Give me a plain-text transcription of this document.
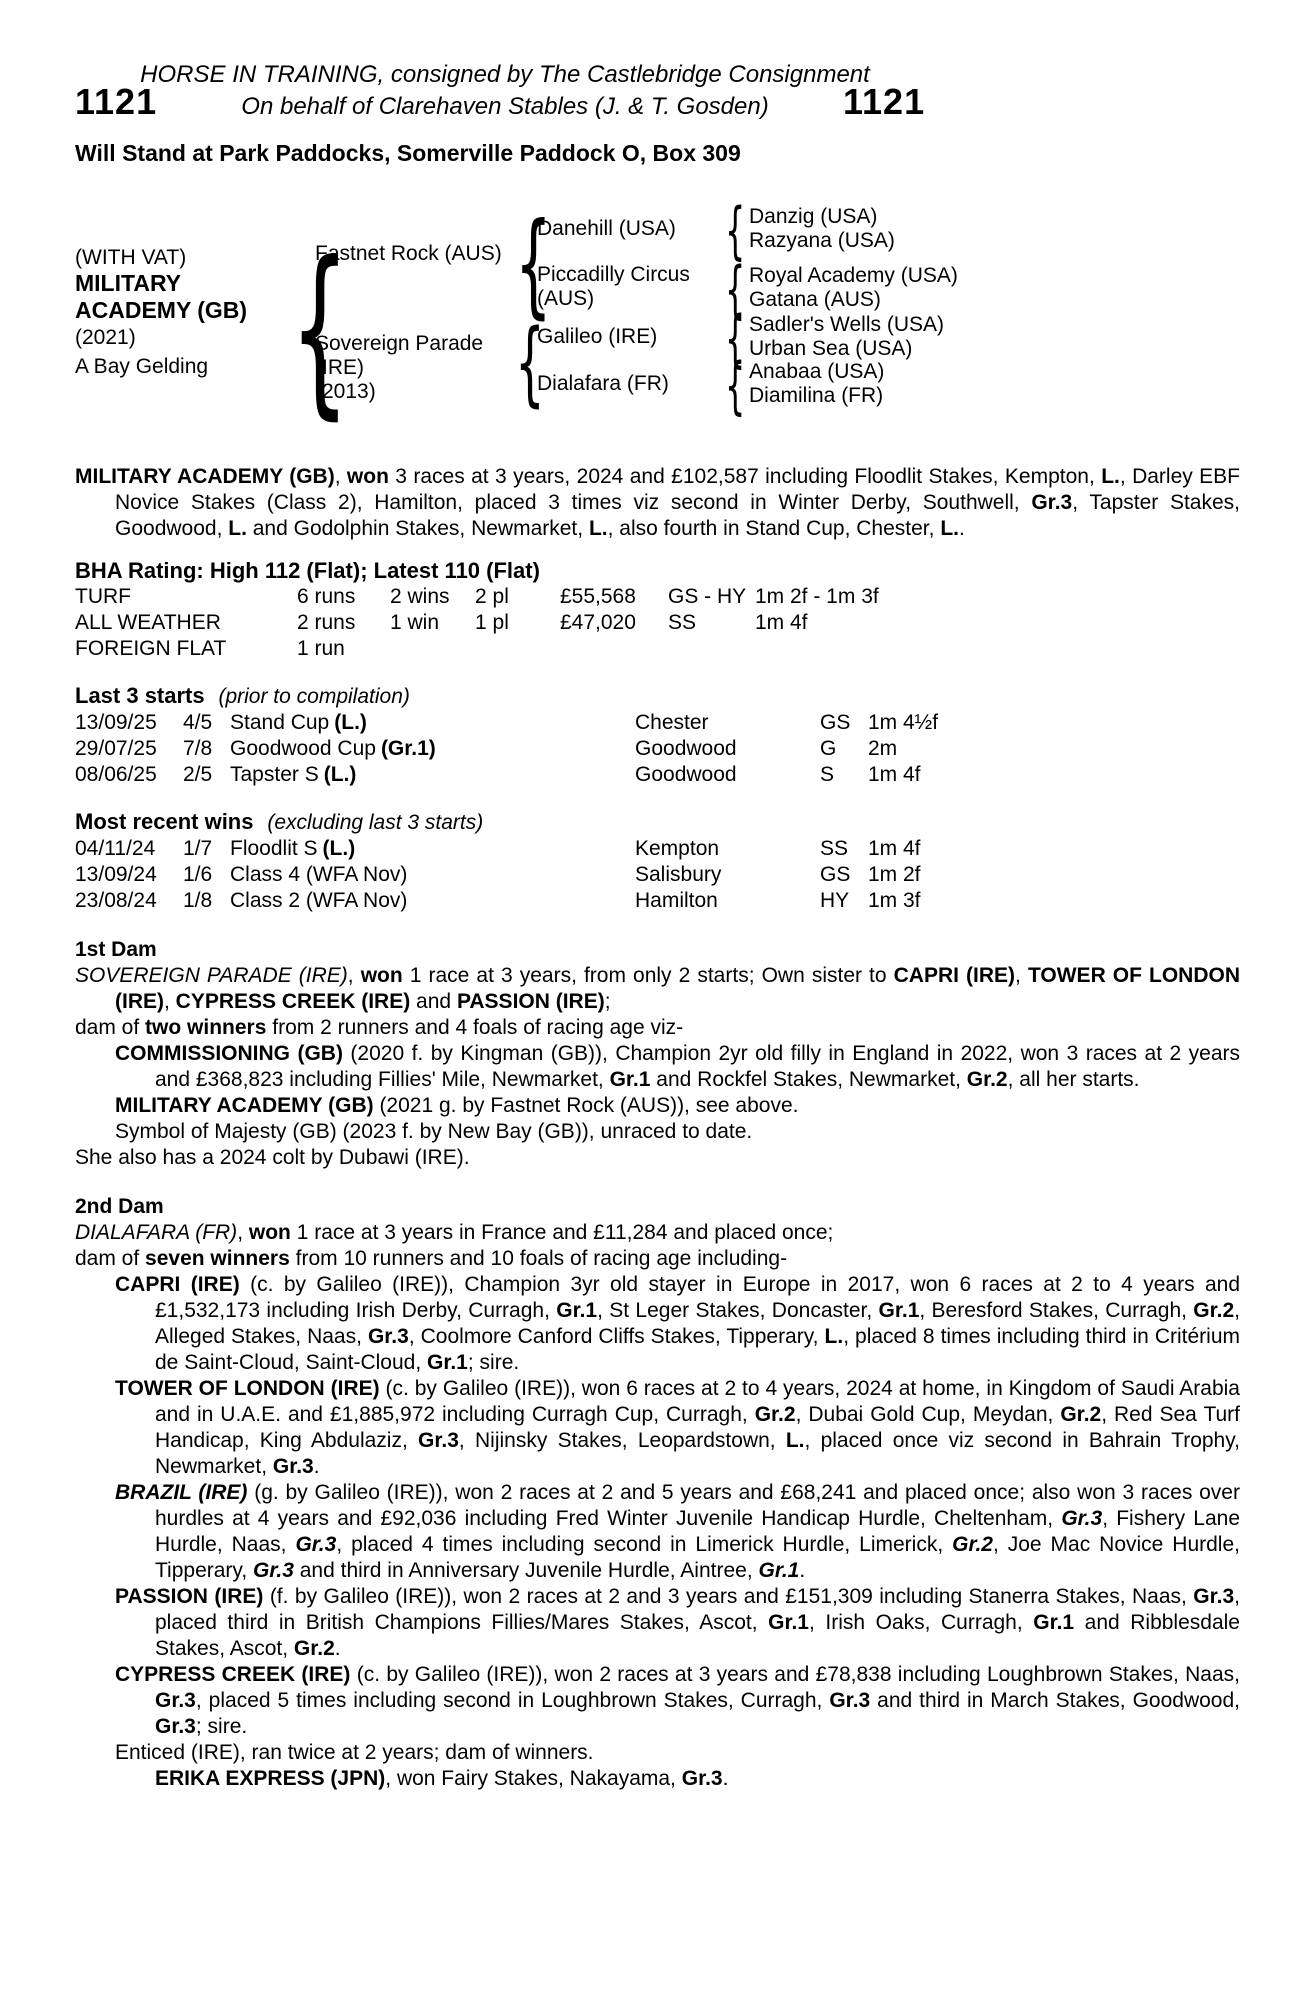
HORSE IN TRAINING, consigned by The Castlebridge Consignment
On behalf of Clarehaven Stables (J. & T. Gosden)
1121	1121
Will Stand at Park Paddocks, Somerville Paddock O, Box 309
(WITH VAT)
MILITARY
ACADEMY (GB)
(2021)
A Bay Gelding
{
Fastnet Rock (AUS)
Sovereign Parade
(IRE)
(2013)
{
{
Danehill (USA)
Piccadilly Circus
(AUS)
Galileo (IRE)
Dialafara (FR)
{
{
{
{
Danzig (USA)
Razyana (USA)
Royal Academy (USA)
Gatana (AUS)
Sadler's Wells (USA)
Urban Sea (USA)
Anabaa (USA)
Diamilina (FR)

MILITARY ACADEMY (GB), won 3 races at 3 years, 2024 and £102,587 including Floodlit Stakes, Kempton, L., Darley EBF Novice Stakes (Class 2), Hamilton, placed 3 times viz second in Winter Derby, Southwell, Gr.3, Tapster Stakes, Goodwood, L. and Godolphin Stakes, Newmarket, L., also fourth in Stand Cup, Chester, L..

BHA Rating: High 112 (Flat); Latest 110 (Flat)
TURF	6 runs	2 wins	2 pl	£55,568	GS - HY 1m 2f - 1m 3f
ALL WEATHER	2 runs	1 win	1 pl	£47,020	SS	1m 4f
FOREIGN FLAT	1 run
Last 3 starts (prior to compilation)
13/09/25	4/5 Stand Cup (L.)	Chester	GS 1m 4½f
29/07/25	7/8 Goodwood Cup (Gr.1)	Goodwood	G	2m
08/06/25	2/5 Tapster S (L.)	Goodwood	S	1m 4f
Most recent wins (excluding last 3 starts)
04/11/24	1/7 Floodlit S (L.)	Kempton	SS 1m 4f
13/09/24	1/6 Class 4 (WFA Nov)	Salisbury	GS 1m 2f
23/08/24	1/8 Class 2 (WFA Nov)	Hamilton	HY 1m 3f
1st Dam

SOVEREIGN PARADE (IRE), won 1 race at 3 years, from only 2 starts; Own sister to CAPRI (IRE), TOWER OF LONDON (IRE), CYPRESS CREEK (IRE) and PASSION (IRE);

dam of two winners from 2 runners and 4 foals of racing age viz-

COMMISSIONING (GB) (2020 f. by Kingman (GB)), Champion 2yr old filly in England in 2022, won 3 races at 2 years and £368,823 including Fillies' Mile, Newmarket, Gr.1 and Rockfel Stakes, Newmarket, Gr.2, all her starts.

MILITARY ACADEMY (GB) (2021 g. by Fastnet Rock (AUS)), see above.

Symbol of Majesty (GB) (2023 f. by New Bay (GB)), unraced to date.

She also has a 2024 colt by Dubawi (IRE).

2nd Dam

DIALAFARA (FR), won 1 race at 3 years in France and £11,284 and placed once;

dam of seven winners from 10 runners and 10 foals of racing age including-

CAPRI (IRE) (c. by Galileo (IRE)), Champion 3yr old stayer in Europe in 2017, won 6 races at 2 to 4 years and £1,532,173 including Irish Derby, Curragh, Gr.1, St Leger Stakes, Doncaster, Gr.1, Beresford Stakes, Curragh, Gr.2, Alleged Stakes, Naas, Gr.3, Coolmore Canford Cliffs Stakes, Tipperary, L., placed 8 times including third in Critérium de Saint-Cloud, Saint-Cloud, Gr.1; sire.

TOWER OF LONDON (IRE) (c. by Galileo (IRE)), won 6 races at 2 to 4 years, 2024 at home, in Kingdom of Saudi Arabia and in U.A.E. and £1,885,972 including Curragh Cup, Curragh, Gr.2, Dubai Gold Cup, Meydan, Gr.2, Red Sea Turf Handicap, King Abdulaziz, Gr.3, Nijinsky Stakes, Leopardstown, L., placed once viz second in Bahrain Trophy, Newmarket, Gr.3.

BRAZIL (IRE) (g. by Galileo (IRE)), won 2 races at 2 and 5 years and £68,241 and placed once; also won 3 races over hurdles at 4 years and £92,036 including Fred Winter Juvenile Handicap Hurdle, Cheltenham, Gr.3, Fishery Lane Hurdle, Naas, Gr.3, placed 4 times including second in Limerick Hurdle, Limerick, Gr.2, Joe Mac Novice Hurdle, Tipperary, Gr.3 and third in Anniversary Juvenile Hurdle, Aintree, Gr.1.

PASSION (IRE) (f. by Galileo (IRE)), won 2 races at 2 and 3 years and £151,309 including Stanerra Stakes, Naas, Gr.3, placed third in British Champions Fillies/Mares Stakes, Ascot, Gr.1, Irish Oaks, Curragh, Gr.1 and Ribblesdale Stakes, Ascot, Gr.2.

CYPRESS CREEK (IRE) (c. by Galileo (IRE)), won 2 races at 3 years and £78,838 including Loughbrown Stakes, Naas, Gr.3, placed 5 times including second in Loughbrown Stakes, Curragh, Gr.3 and third in March Stakes, Goodwood, Gr.3; sire.

Enticed (IRE), ran twice at 2 years; dam of winners.

ERIKA EXPRESS (JPN), won Fairy Stakes, Nakayama, Gr.3.
